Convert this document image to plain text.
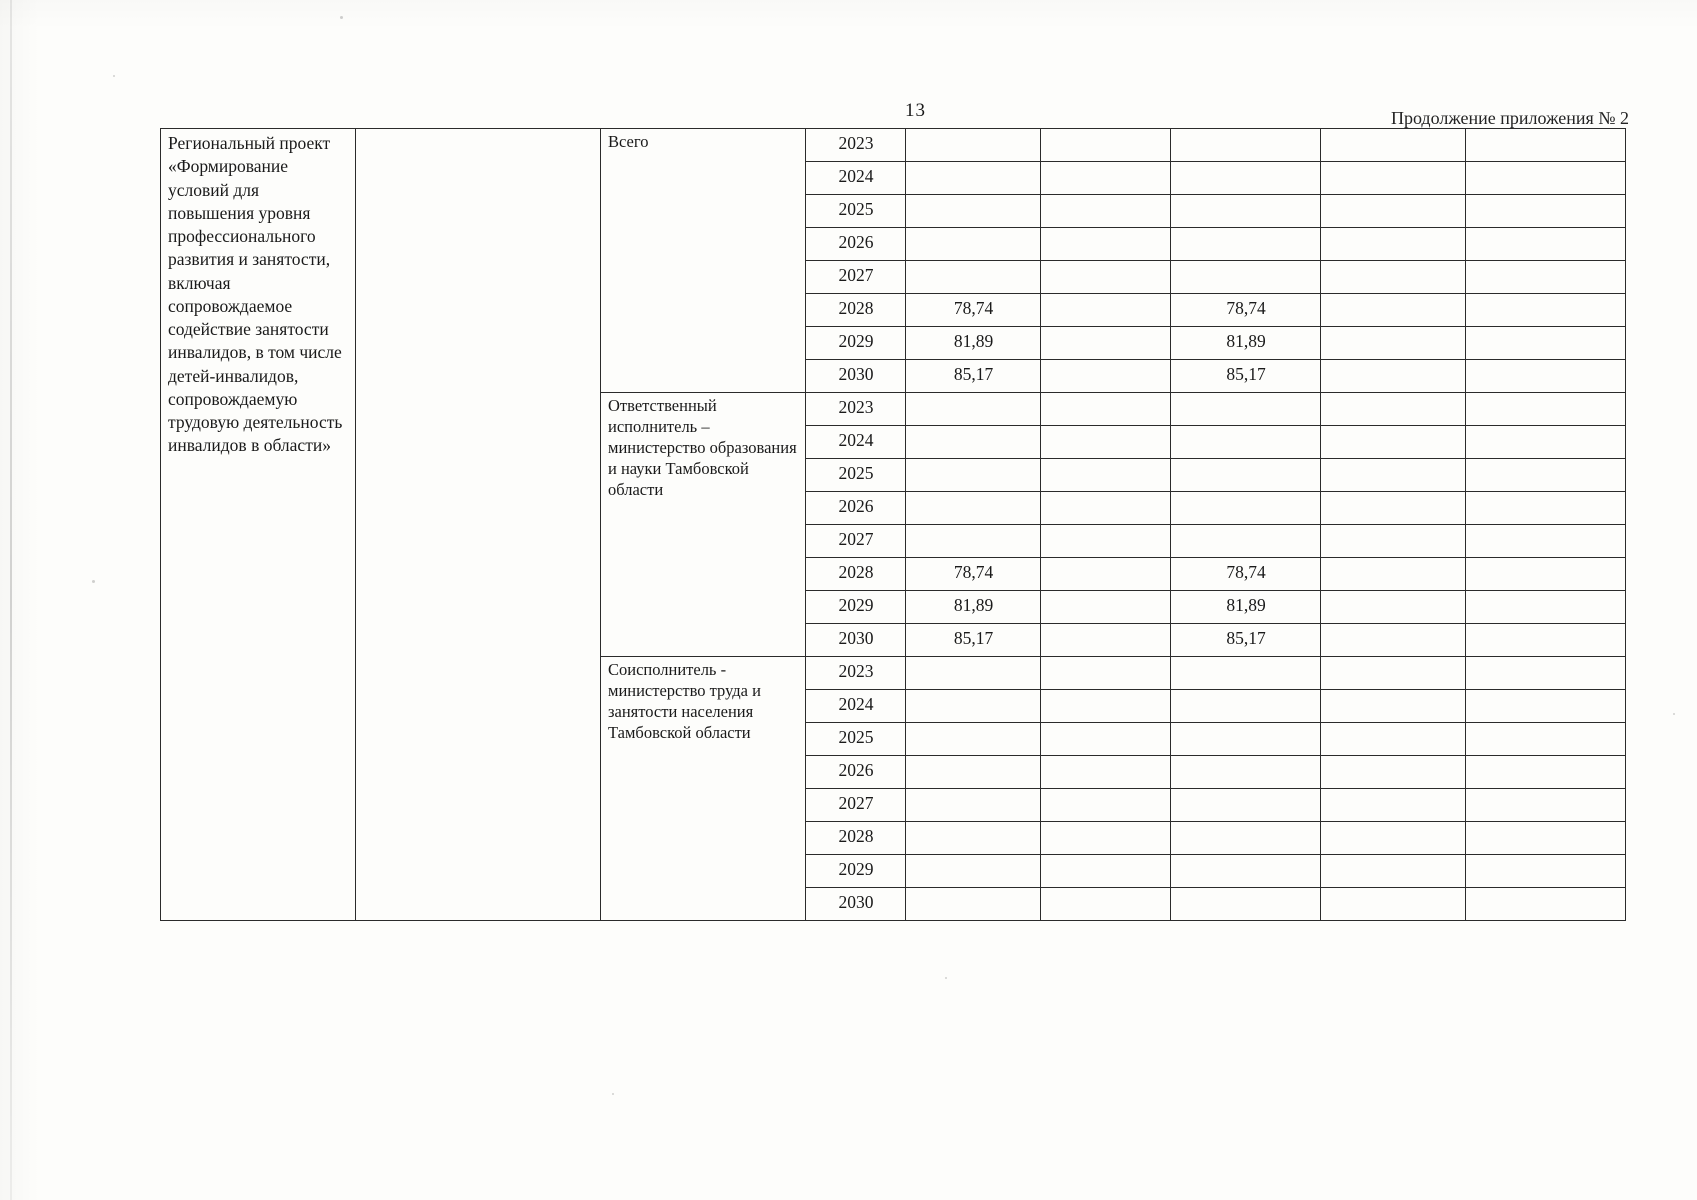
13	Продолжение приложения № 2
Региональный проект «Формирование условий для повышения уровня профессионального развития и занятости, включая сопровождаемое содействие занятости инвалидов, в том числе детей-инвалидов, сопровождаемую трудовую деятельность инвалидов в области»		Всего	2023					
			2024					
			2025					
			2026					
			2027					
			2028	78,74		78,74		
			2029	81,89		81,89		
			2030	85,17		85,17		

		Ответственный исполнитель – министерство образования и науки Тамбовской области	2023					
			2024					
			2025					
			2026					
			2027					
			2028	78,74		78,74		
			2029	81,89		81,89		
			2030	85,17		85,17		

		Соисполнитель - министерство труда и занятости населения Тамбовской области	2023					
			2024					
			2025					
			2026					
			2027					
			2028					
			2029					
			2030					
